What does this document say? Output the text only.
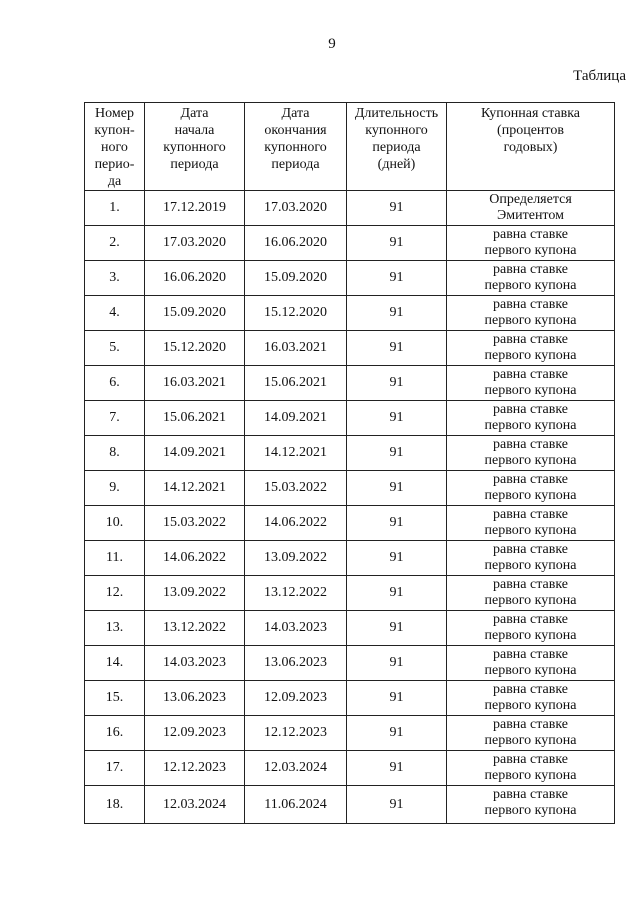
9
Таблица
Номер
купон-
ного
перио-
да	Дата
начала
купонного
периода	Дата
окончания
купонного
периода	Длительность
купонного
периода
(дней)	Купонная ставка
(процентов
годовых)
1.	17.12.2019	17.03.2020	91	Определяется
Эмитентом
2.	17.03.2020	16.06.2020	91	равна ставке
первого купона
3.	16.06.2020	15.09.2020	91	равна ставке
первого купона
4.	15.09.2020	15.12.2020	91	равна ставке
первого купона
5.	15.12.2020	16.03.2021	91	равна ставке
первого купона
6.	16.03.2021	15.06.2021	91	равна ставке
первого купона
7.	15.06.2021	14.09.2021	91	равна ставке
первого купона
8.	14.09.2021	14.12.2021	91	равна ставке
первого купона
9.	14.12.2021	15.03.2022	91	равна ставке
первого купона
10.	15.03.2022	14.06.2022	91	равна ставке
первого купона
11.	14.06.2022	13.09.2022	91	равна ставке
первого купона
12.	13.09.2022	13.12.2022	91	равна ставке
первого купона
13.	13.12.2022	14.03.2023	91	равна ставке
первого купона
14.	14.03.2023	13.06.2023	91	равна ставке
первого купона
15.	13.06.2023	12.09.2023	91	равна ставке
первого купона
16.	12.09.2023	12.12.2023	91	равна ставке
первого купона
17.	12.12.2023	12.03.2024	91	равна ставке
первого купона
18.	12.03.2024	11.06.2024	91	равна ставке
первого купона
